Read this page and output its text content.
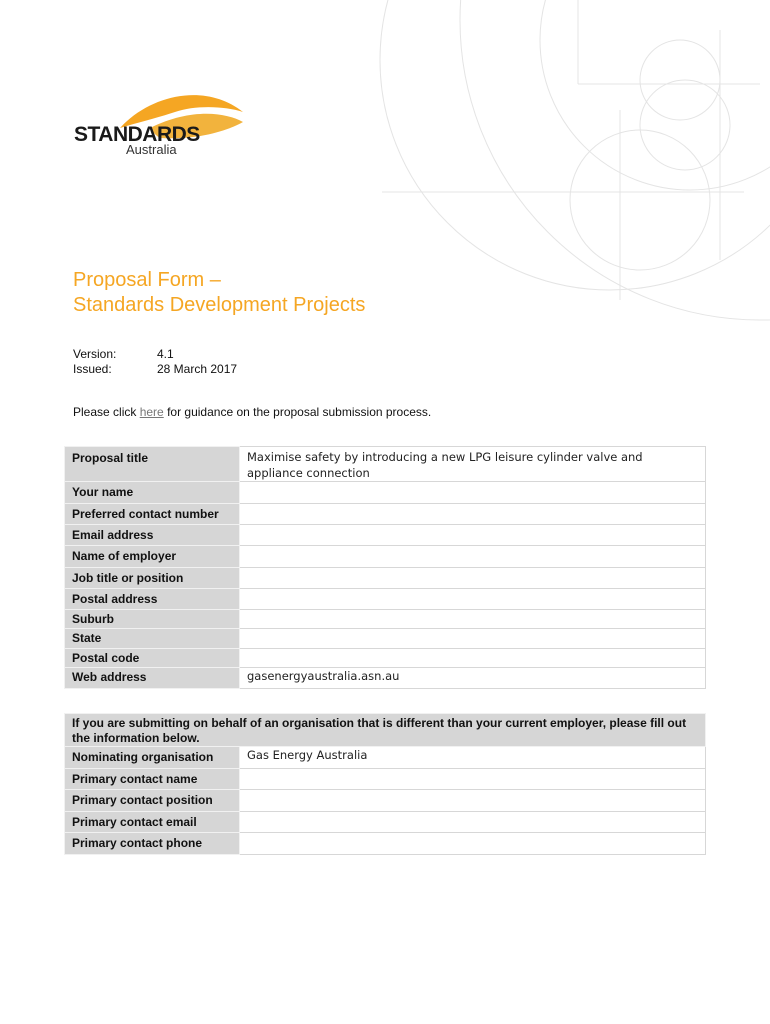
STANDARDS
Australia
Proposal Form –
Standards Development Projects
Version:	4.1
Issued:	28 March 2017
Please click here for guidance on the proposal submission process.
Proposal title	Maximise safety by introducing a new LPG leisure cylinder valve and appliance connection
Your name	
Preferred contact number	
Email address	
Name of employer	
Job title or position	
Postal address	
Suburb	
State	
Postal code	
Web address	gasenergyaustralia.asn.au
If you are submitting on behalf of an organisation that is different than your current employer, please fill out the information below.	
Nominating organisation	Gas Energy Australia
Primary contact name	
Primary contact position	
Primary contact email	
Primary contact phone	
